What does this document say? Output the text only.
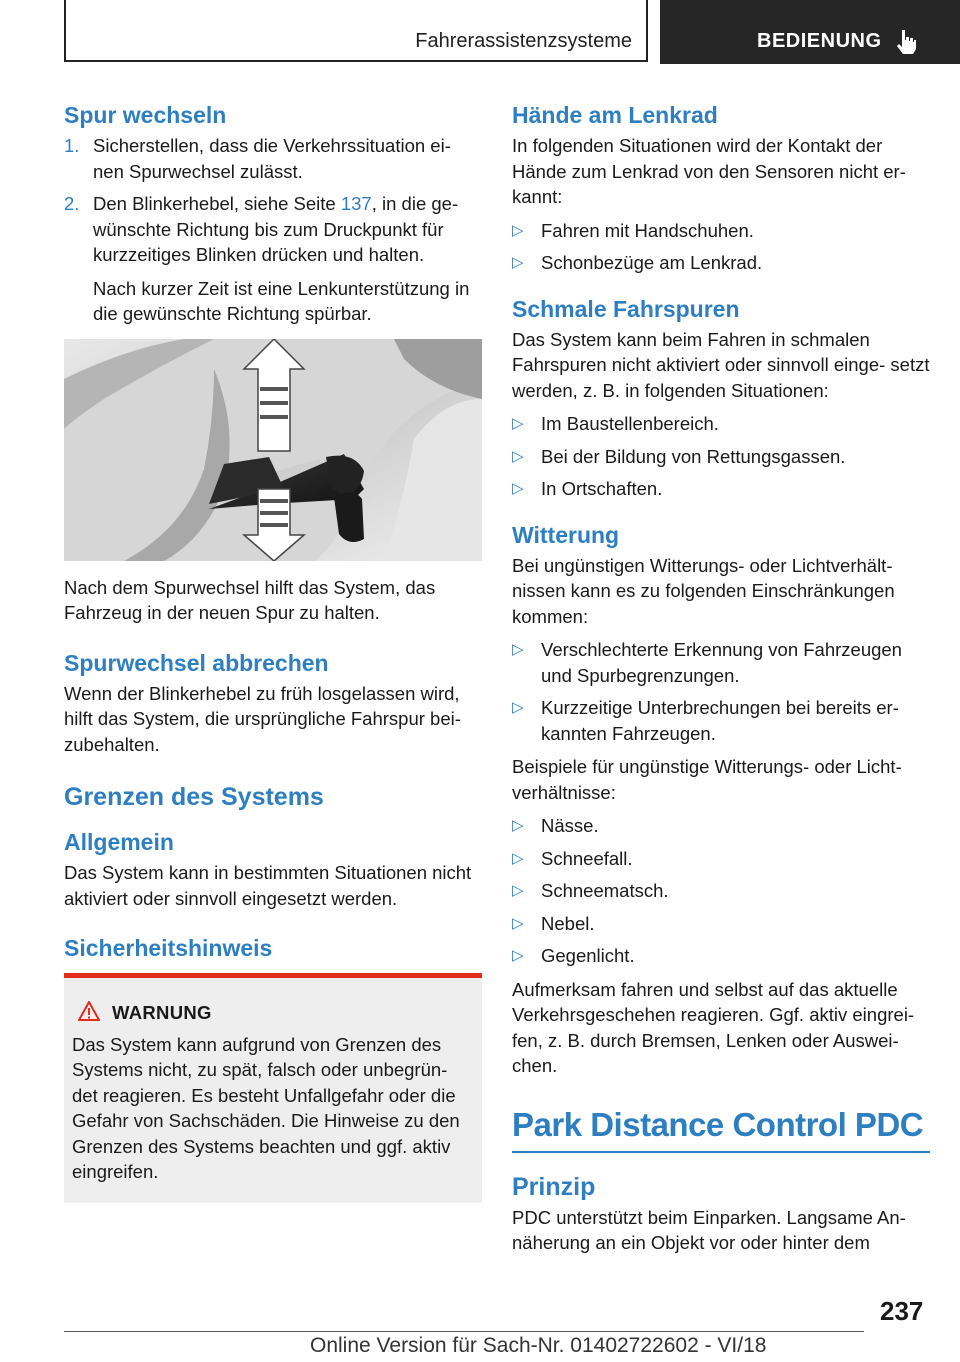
Fahrerassistenzsysteme	BEDIENUNG
Spur wechseln
1. Sicherstellen, dass die Verkehrssituation ei‐ nen Spurwechsel zulässt.
2. Den Blinkerhebel, siehe Seite 137, in die ge‐ wünschte Richtung bis zum Druckpunkt für kurzzeitiges Blinken drücken und halten.

Nach kurzer Zeit ist eine Lenkunterstützung in die gewünschte Richtung spürbar.

Nach dem Spurwechsel hilft das System, das Fahrzeug in der neuen Spur zu halten.

Spurwechsel abbrechen

Wenn der Blinkerhebel zu früh losgelassen wird, hilft das System, die ursprüngliche Fahrspur bei‐ zubehalten.

Grenzen des Systems
Allgemein

Das System kann in bestimmten Situationen nicht aktiviert oder sinnvoll eingesetzt werden.

Sicherheitshinweis
WARNUNG
Das System kann aufgrund von Grenzen des Systems nicht, zu spät, falsch oder unbegrün‐ det reagieren. Es besteht Unfallgefahr oder die Gefahr von Sachschäden. Die Hinweise zu den Grenzen des Systems beachten und ggf. aktiv eingreifen.
Hände am Lenkrad

In folgenden Situationen wird der Kontakt der Hände zum Lenkrad von den Sensoren nicht er‐ kannt:

▷ Fahren mit Handschuhen.
▷ Schonbezüge am Lenkrad.
Schmale Fahrspuren

Das System kann beim Fahren in schmalen Fahrspuren nicht aktiviert oder sinnvoll einge‐ setzt werden, z. B. in folgenden Situationen:

▷ Im Baustellenbereich.
▷ Bei der Bildung von Rettungsgassen.
▷ In Ortschaften.
Witterung

Bei ungünstigen Witterungs- oder Lichtverhält‐ nissen kann es zu folgenden Einschränkungen kommen:

▷ Verschlechterte Erkennung von Fahrzeugen und Spurbegrenzungen.
▷ Kurzzeitige Unterbrechungen bei bereits er‐ kannten Fahrzeugen.

Beispiele für ungünstige Witterungs- oder Licht‐ verhältnisse:

▷ Nässe.
▷ Schneefall.
▷ Schneematsch.
▷ Nebel.
▷ Gegenlicht.

Aufmerksam fahren und selbst auf das aktuelle Verkehrsgeschehen reagieren. Ggf. aktiv eingrei‐ fen, z. B. durch Bremsen, Lenken oder Auswei‐ chen.

Park Distance Control PDC
Prinzip

PDC unterstützt beim Einparken. Langsame An‐ näherung an ein Objekt vor oder hinter dem

237
Online Version für Sach-Nr. 01402722602 - VI/18
